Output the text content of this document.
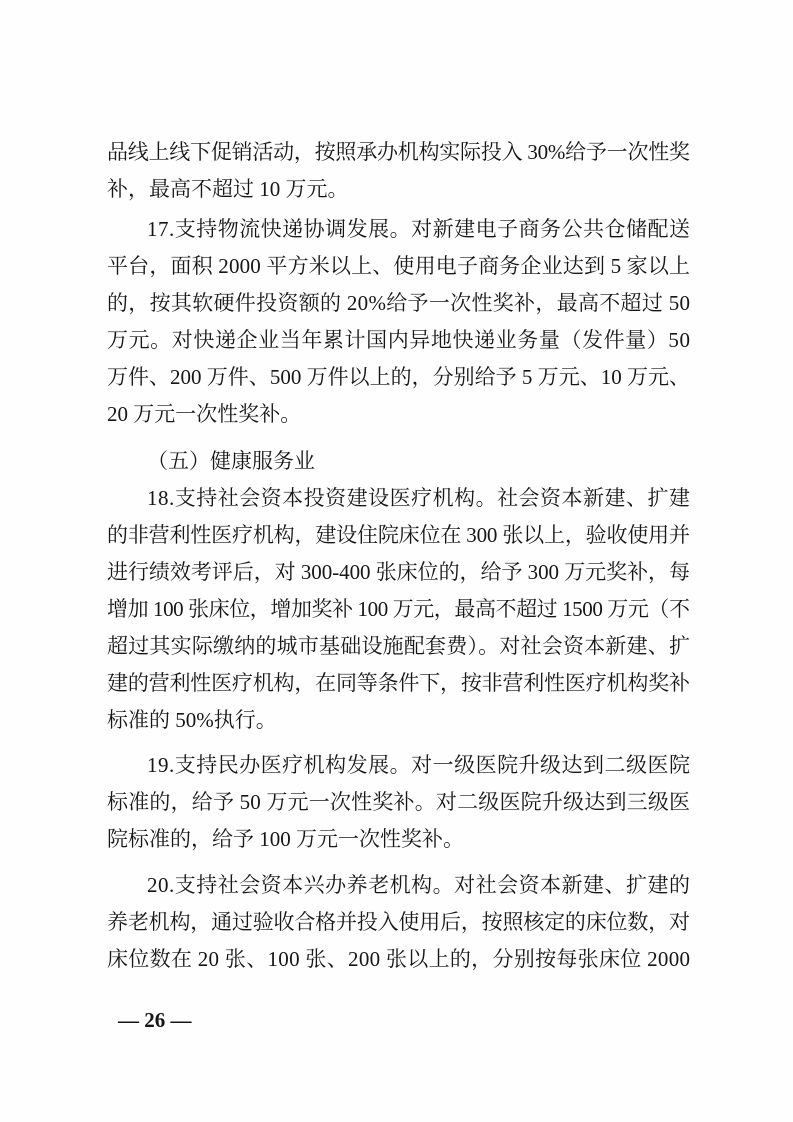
品线上线下促销活动，按照承办机构实际投入 30%给予一次性奖
补，最高不超过 10 万元。
17.支持物流快递协调发展。对新建电子商务公共仓储配送
平台，面积 2000 平方米以上、使用电子商务企业达到 5 家以上
的，按其软硬件投资额的 20%给予一次性奖补，最高不超过 50
万元。对快递企业当年累计国内异地快递业务量（发件量）50
万件、200 万件、500 万件以上的，分别给予 5 万元、10 万元、
20 万元一次性奖补。
（五）健康服务业
18.支持社会资本投资建设医疗机构。社会资本新建、扩建
的非营利性医疗机构，建设住院床位在 300 张以上，验收使用并
进行绩效考评后，对 300-400 张床位的，给予 300 万元奖补，每
增加 100 张床位，增加奖补 100 万元，最高不超过 1500 万元（不
超过其实际缴纳的城市基础设施配套费）。对社会资本新建、扩
建的营利性医疗机构，在同等条件下，按非营利性医疗机构奖补
标准的 50%执行。
19.支持民办医疗机构发展。对一级医院升级达到二级医院
标准的，给予 50 万元一次性奖补。对二级医院升级达到三级医
院标准的，给予 100 万元一次性奖补。
20.支持社会资本兴办养老机构。对社会资本新建、扩建的
养老机构，通过验收合格并投入使用后，按照核定的床位数，对
床位数在 20 张、100 张、200 张以上的，分别按每张床位 2000
— 26 —
